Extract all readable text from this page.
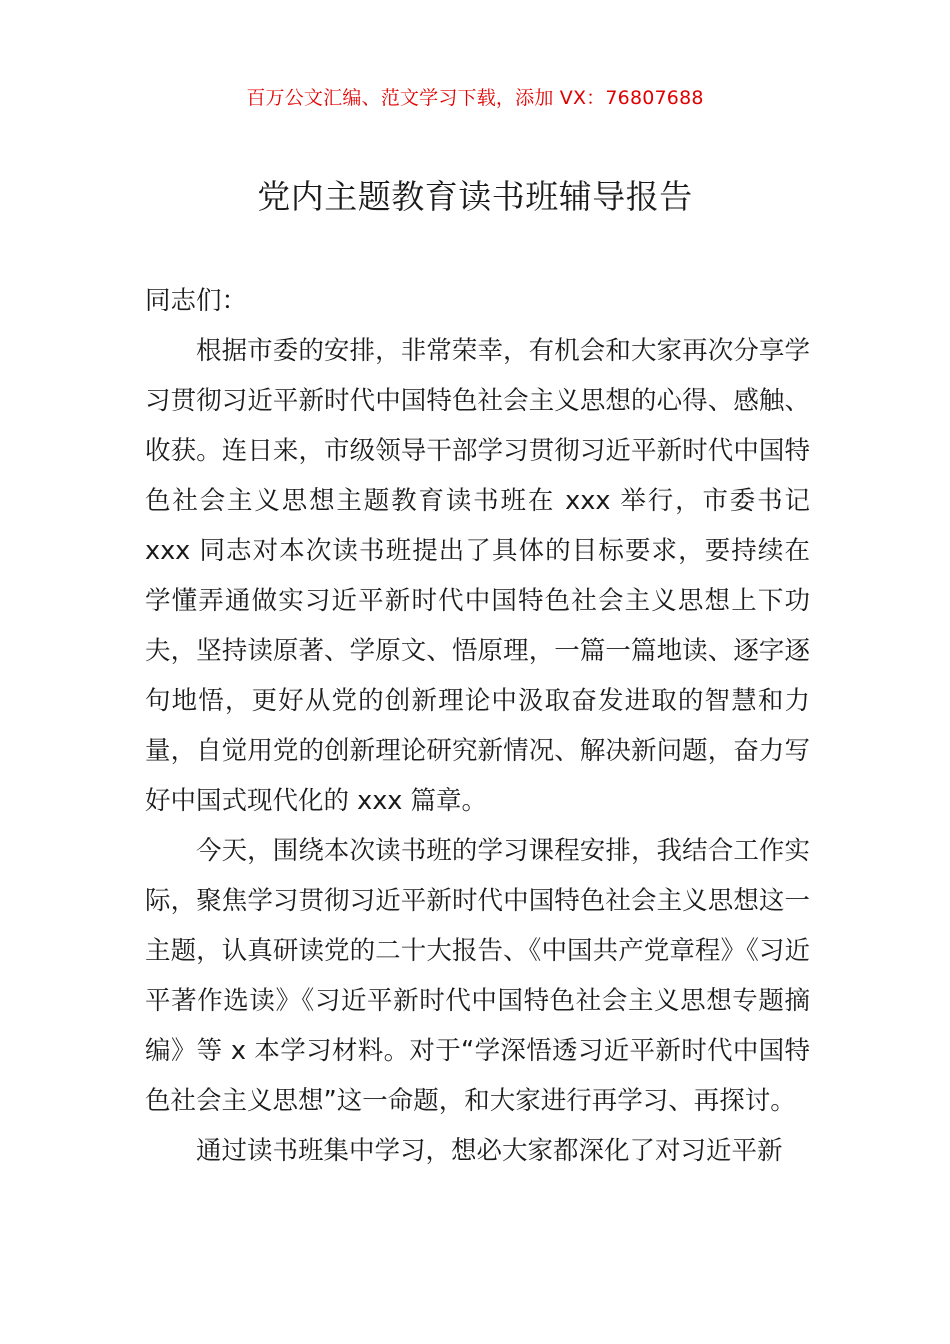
百万公文汇编、范文学习下载，添加 VX：76807688
党内主题教育读书班辅导报告

同志们：

根据市委的安排，非常荣幸，有机会和大家再次分享学习贯彻习近平新时代中国特色社会主义思想的心得、感触、收获。连日来，市级领导干部学习贯彻习近平新时代中国特色社会主义思想主题教育读书班在 xxx 举行，市委书记 xxx 同志对本次读书班提出了具体的目标要求，要持续在学懂弄通做实习近平新时代中国特色社会主义思想上下功夫，坚持读原著、学原文、悟原理，一篇一篇地读、逐字逐句地悟，更好从党的创新理论中汲取奋发进取的智慧和力量，自觉用党的创新理论研究新情况、解决新问题，奋力写好中国式现代化的 xxx 篇章。

今天，围绕本次读书班的学习课程安排，我结合工作实际，聚焦学习贯彻习近平新时代中国特色社会主义思想这一主题，认真研读党的二十大报告、《中国共产党章程》《习近平著作选读》《习近平新时代中国特色社会主义思想专题摘编》等 x 本学习材料。对于“学深悟透习近平新时代中国特色社会主义思想”这一命题，和大家进行再学习、再探讨。

通过读书班集中学习，想必大家都深化了对习近平新
